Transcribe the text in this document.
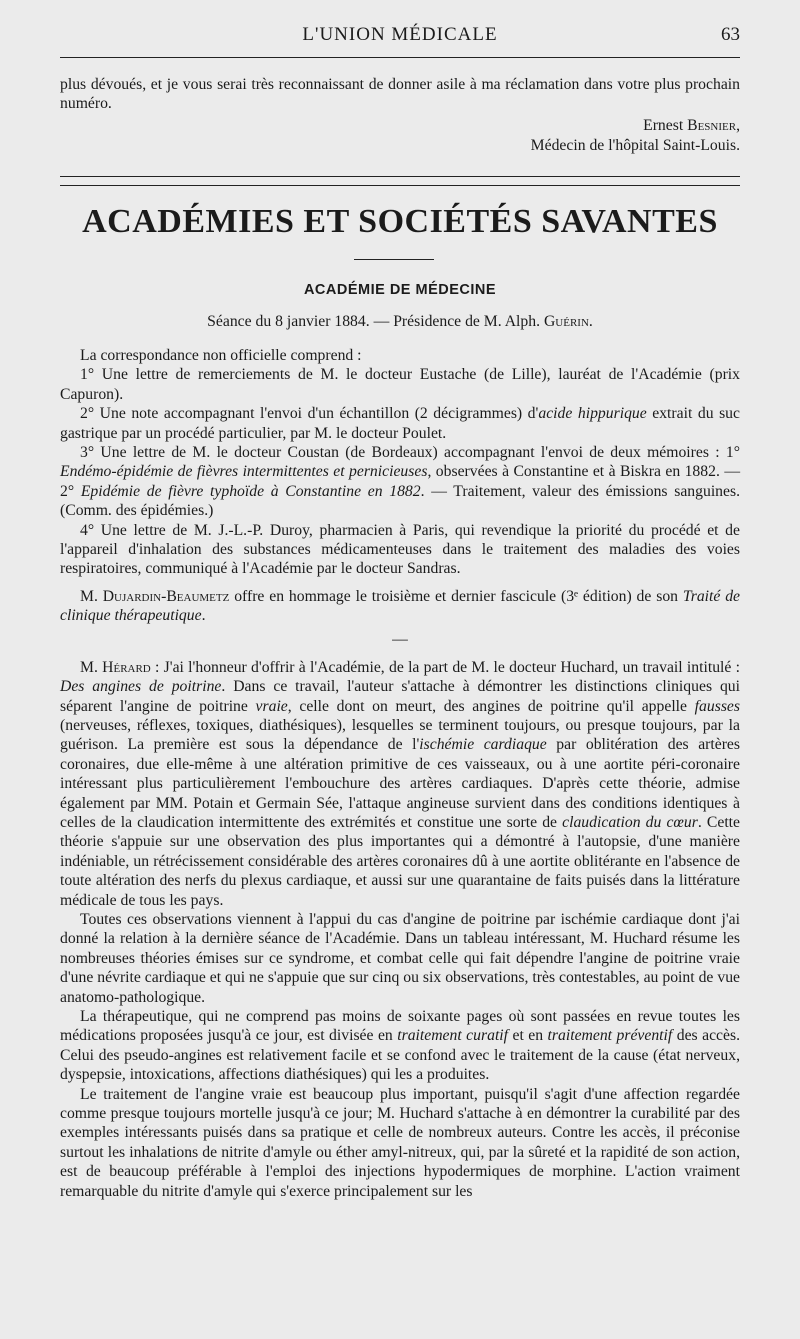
L'UNION MÉDICALE	63

plus dévoués, et je vous serai très reconnaissant de donner asile à ma réclamation dans votre plus prochain numéro.

Ernest Besnier,
Médecin de l'hôpital Saint-Louis.
ACADÉMIES ET SOCIÉTÉS SAVANTES
ACADÉMIE DE MÉDECINE
Séance du 8 janvier 1884. — Présidence de M. Alph. Guérin.

La correspondance non officielle comprend :

1° Une lettre de remerciements de M. le docteur Eustache (de Lille), lauréat de l'Académie (prix Capuron).

2° Une note accompagnant l'envoi d'un échantillon (2 décigrammes) d'acide hippurique extrait du suc gastrique par un procédé particulier, par M. le docteur Poulet.

3° Une lettre de M. le docteur Coustan (de Bordeaux) accompagnant l'envoi de deux mémoires : 1° Endémo-épidémie de fièvres intermittentes et pernicieuses, observées à Constantine et à Biskra en 1882. — 2° Epidémie de fièvre typhoïde à Constantine en 1882. — Traitement, valeur des émissions sanguines. (Comm. des épidémies.)

4° Une lettre de M. J.-L.-P. Duroy, pharmacien à Paris, qui revendique la priorité du procédé et de l'appareil d'inhalation des substances médicamenteuses dans le traitement des maladies des voies respiratoires, communiqué à l'Académie par le docteur Sandras.

M. Dujardin-Beaumetz offre en hommage le troisième et dernier fascicule (3ᵉ édition) de son Traité de clinique thérapeutique.

—

M. Hérard : J'ai l'honneur d'offrir à l'Académie, de la part de M. le docteur Huchard, un travail intitulé : Des angines de poitrine. Dans ce travail, l'auteur s'attache à démontrer les distinctions cliniques qui séparent l'angine de poitrine vraie, celle dont on meurt, des angines de poitrine qu'il appelle fausses (nerveuses, réflexes, toxiques, diathésiques), lesquelles se terminent toujours, ou presque toujours, par la guérison. La première est sous la dépendance de l'ischémie cardiaque par oblitération des artères coronaires, due elle-même à une altération primitive de ces vaisseaux, ou à une aortite péri-coronaire intéressant plus particulièrement l'embouchure des artères cardiaques. D'après cette théorie, admise également par MM. Potain et Germain Sée, l'attaque angineuse survient dans des conditions identiques à celles de la claudication intermittente des extrémités et constitue une sorte de claudication du cœur. Cette théorie s'appuie sur une observation des plus importantes qui a démontré à l'autopsie, d'une manière indéniable, un rétrécissement considérable des artères coronaires dû à une aortite oblitérante en l'absence de toute altération des nerfs du plexus cardiaque, et aussi sur une quarantaine de faits puisés dans la littérature médicale de tous les pays.

Toutes ces observations viennent à l'appui du cas d'angine de poitrine par ischémie cardiaque dont j'ai donné la relation à la dernière séance de l'Académie. Dans un tableau intéressant, M. Huchard résume les nombreuses théories émises sur ce syndrome, et combat celle qui fait dépendre l'angine de poitrine vraie d'une névrite cardiaque et qui ne s'appuie que sur cinq ou six observations, très contestables, au point de vue anatomo-pathologique.

La thérapeutique, qui ne comprend pas moins de soixante pages où sont passées en revue toutes les médications proposées jusqu'à ce jour, est divisée en traitement curatif et en traitement préventif des accès. Celui des pseudo-angines est relativement facile et se confond avec le traitement de la cause (état nerveux, dyspepsie, intoxications, affections diathésiques) qui les a produites.

Le traitement de l'angine vraie est beaucoup plus important, puisqu'il s'agit d'une affection regardée comme presque toujours mortelle jusqu'à ce jour; M. Huchard s'attache à en démontrer la curabilité par des exemples intéressants puisés dans sa pratique et celle de nombreux auteurs. Contre les accès, il préconise surtout les inhalations de nitrite d'amyle ou éther amyl-nitreux, qui, par la sûreté et la rapidité de son action, est de beaucoup préférable à l'emploi des injections hypodermiques de morphine. L'action vraiment remarquable du nitrite d'amyle qui s'exerce principalement sur les
